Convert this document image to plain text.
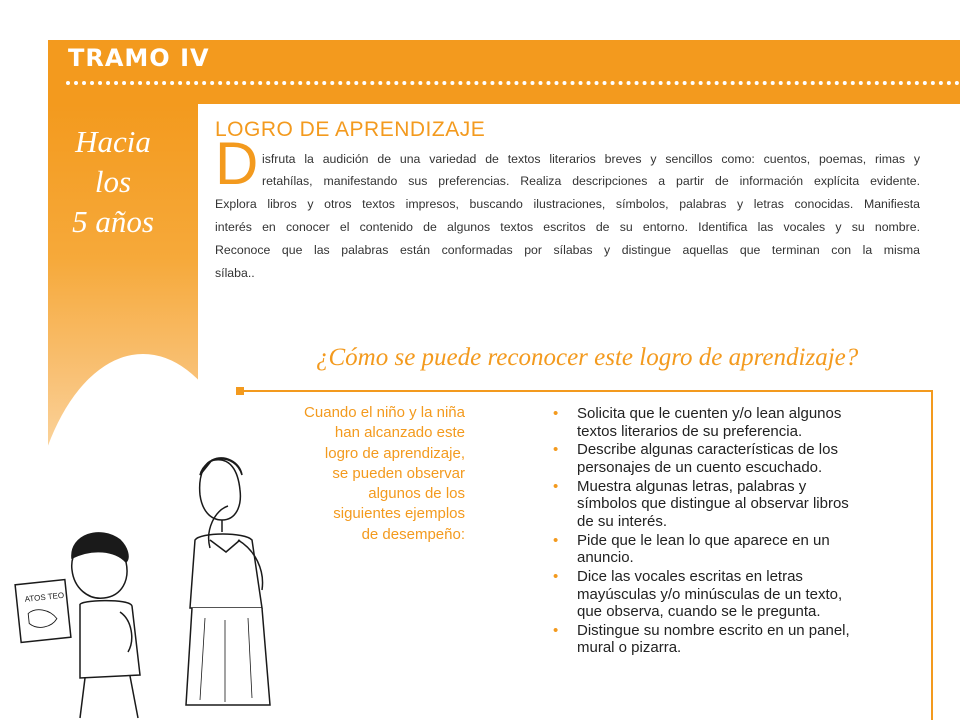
TRAMO IV
Hacia
los
5 años
LOGRO DE APRENDIZAJE
D isfruta la audición de una variedad de textos literarios breves y sencillos como: cuentos, poemas, rimas y
retahílas, manifestando sus preferencias. Realiza descripciones a partir de información explícita evidente.
Explora libros y otros textos impresos, buscando ilustraciones, símbolos, palabras y letras conocidas. Manifiesta
interés en conocer el contenido de algunos textos escritos de su entorno. Identifica las vocales y su nombre.
Reconoce que las palabras están conformadas por sílabas y distingue aquellas que terminan con la misma
sílaba..
¿Cómo se puede reconocer este logro de aprendizaje?
Cuando el niño y la niña
han alcanzado este
logro de aprendizaje,
se pueden observar
algunos de los
siguientes ejemplos
de desempeño:
• Solicita que le cuenten y/o lean algunos
textos literarios de su preferencia.
• Describe algunas características de los
personajes de un cuento escuchado.
• Muestra algunas letras, palabras y
símbolos que distingue al observar libros
de su interés.
• Pide que le lean lo que aparece en un
anuncio.
• Dice las vocales escritas en letras
mayúsculas y/o minúsculas de un texto,
que observa, cuando se le pregunta.
• Distingue su nombre escrito en un panel,
mural o pizarra.
ATOS TEO
